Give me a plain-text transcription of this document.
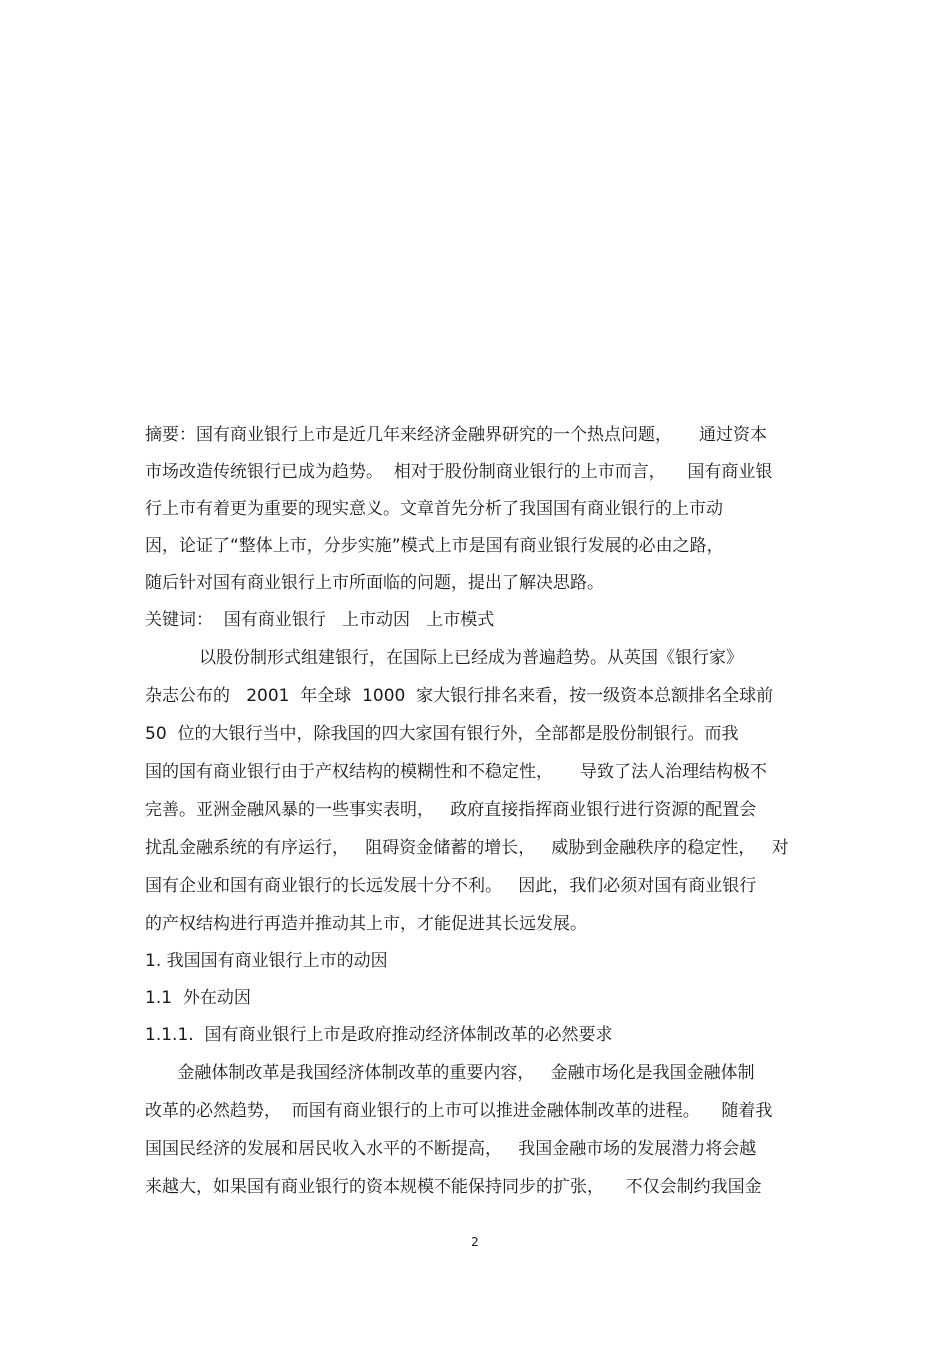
摘要：国有商业银行上市是近几年来经济金融界研究的一个热点问题，     通过资本
市场改造传统银行已成为趋势。  相对于股份制商业银行的上市而言，    国有商业银
行上市有着更为重要的现实意义。文章首先分析了我国国有商业银行的上市动
因，论证了“整体上市，分步实施”模式上市是国有商业银行发展的必由之路，
随后针对国有商业银行上市所面临的问题，提出了解决思路。
关键词：  国有商业银行   上市动因   上市模式
以股份制形式组建银行，在国际上已经成为普遍趋势。从英国《银行家》
杂志公布的   2001  年全球  1000  家大银行排名来看，按一级资本总额排名全球前
50  位的大银行当中，除我国的四大家国有银行外，全部都是股份制银行。而我
国的国有商业银行由于产权结构的模糊性和不稳定性，     导致了法人治理结构极不
完善。亚洲金融风暴的一些事实表明，   政府直接指挥商业银行进行资源的配置会
扰乱金融系统的有序运行，   阻碍资金储蓄的增长，   威胁到金融秩序的稳定性，   对
国有企业和国有商业银行的长远发展十分不利。   因此，我们必须对国有商业银行
的产权结构进行再造并推动其上市，才能促进其长远发展。
1. 我国国有商业银行上市的动因
1.1  外在动因
1.1.1.  国有商业银行上市是政府推动经济体制改革的必然要求
金融体制改革是我国经济体制改革的重要内容，   金融市场化是我国金融体制
改革的必然趋势，  而国有商业银行的上市可以推进金融体制改革的进程。    随着我
国国民经济的发展和居民收入水平的不断提高，   我国金融市场的发展潜力将会越
来越大，如果国有商业银行的资本规模不能保持同步的扩张，    不仅会制约我国金
2
